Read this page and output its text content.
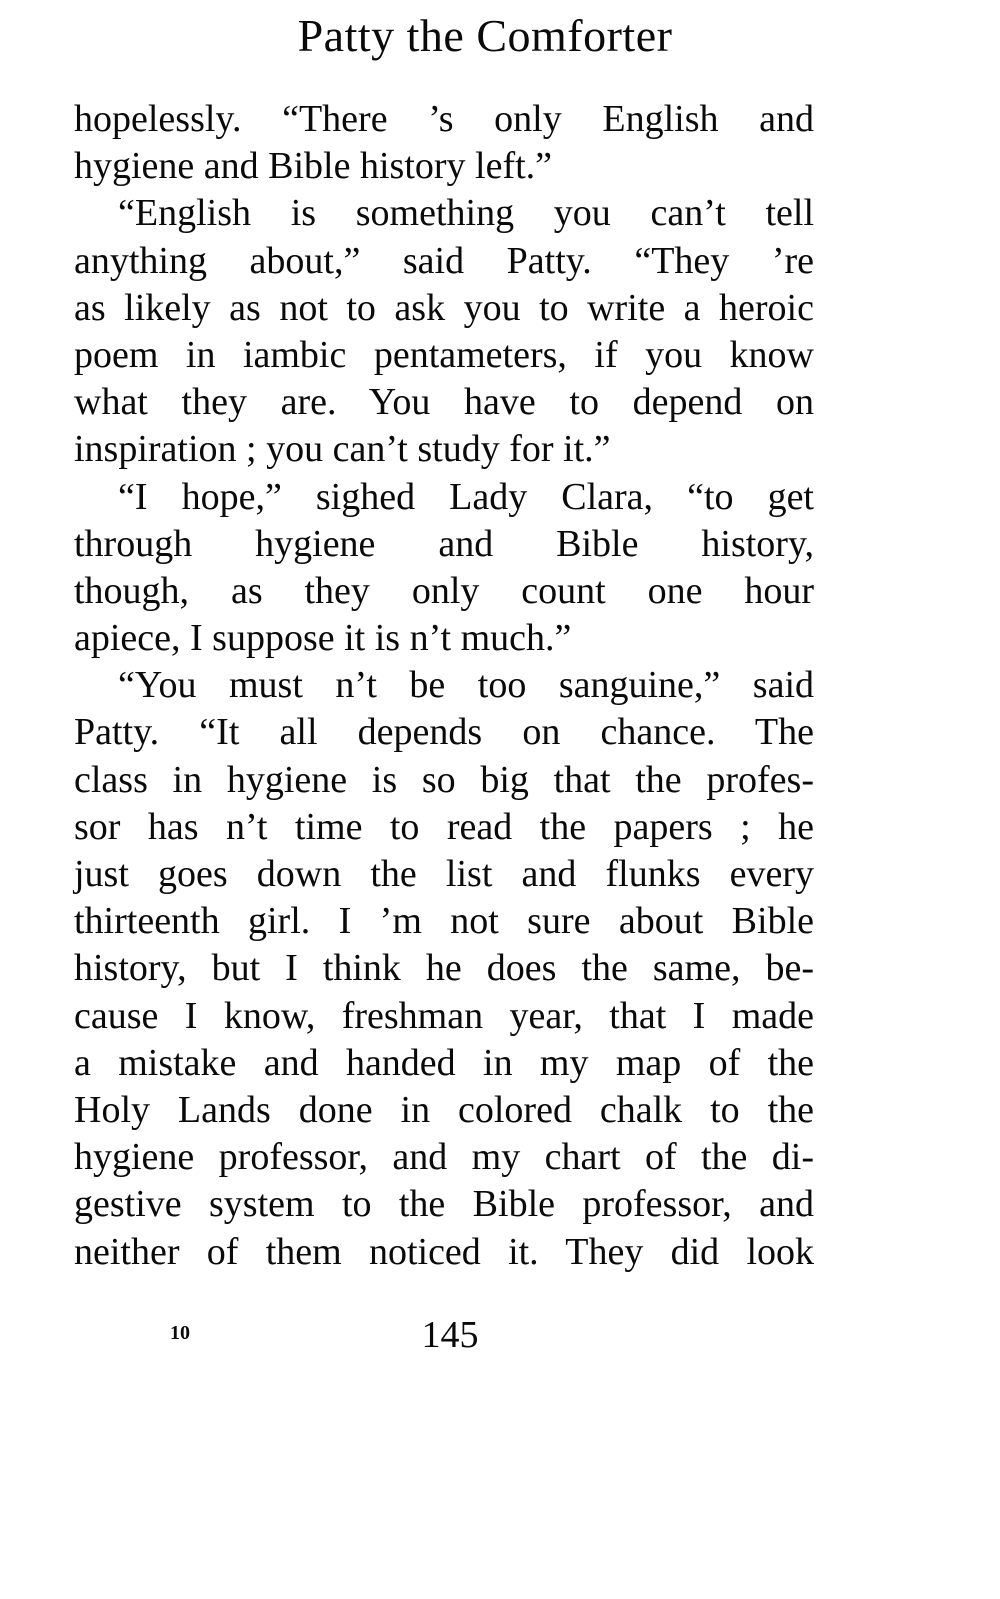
Patty the Comforter
hopelessly. “There ’s only English and
hygiene and Bible history left.”
“English is something you can’t tell
anything about,” said Patty. “They ’re
as likely as not to ask you to write a heroic
poem in iambic pentameters, if you know
what they are. You have to depend on
inspiration ; you can’t study for it.”
“I hope,” sighed Lady Clara, “to get
through hygiene and Bible history,
though, as they only count one hour
apiece, I suppose it is n’t much.”
“You must n’t be too sanguine,” said
Patty. “It all depends on chance. The
class in hygiene is so big that the profes-
sor has n’t time to read the papers ; he
just goes down the list and flunks every
thirteenth girl. I ’m not sure about Bible
history, but I think he does the same, be-
cause I know, freshman year, that I made
a mistake and handed in my map of the
Holy Lands done in colored chalk to the
hygiene professor, and my chart of the di-
gestive system to the Bible professor, and
neither of them noticed it. They did look
10	145
